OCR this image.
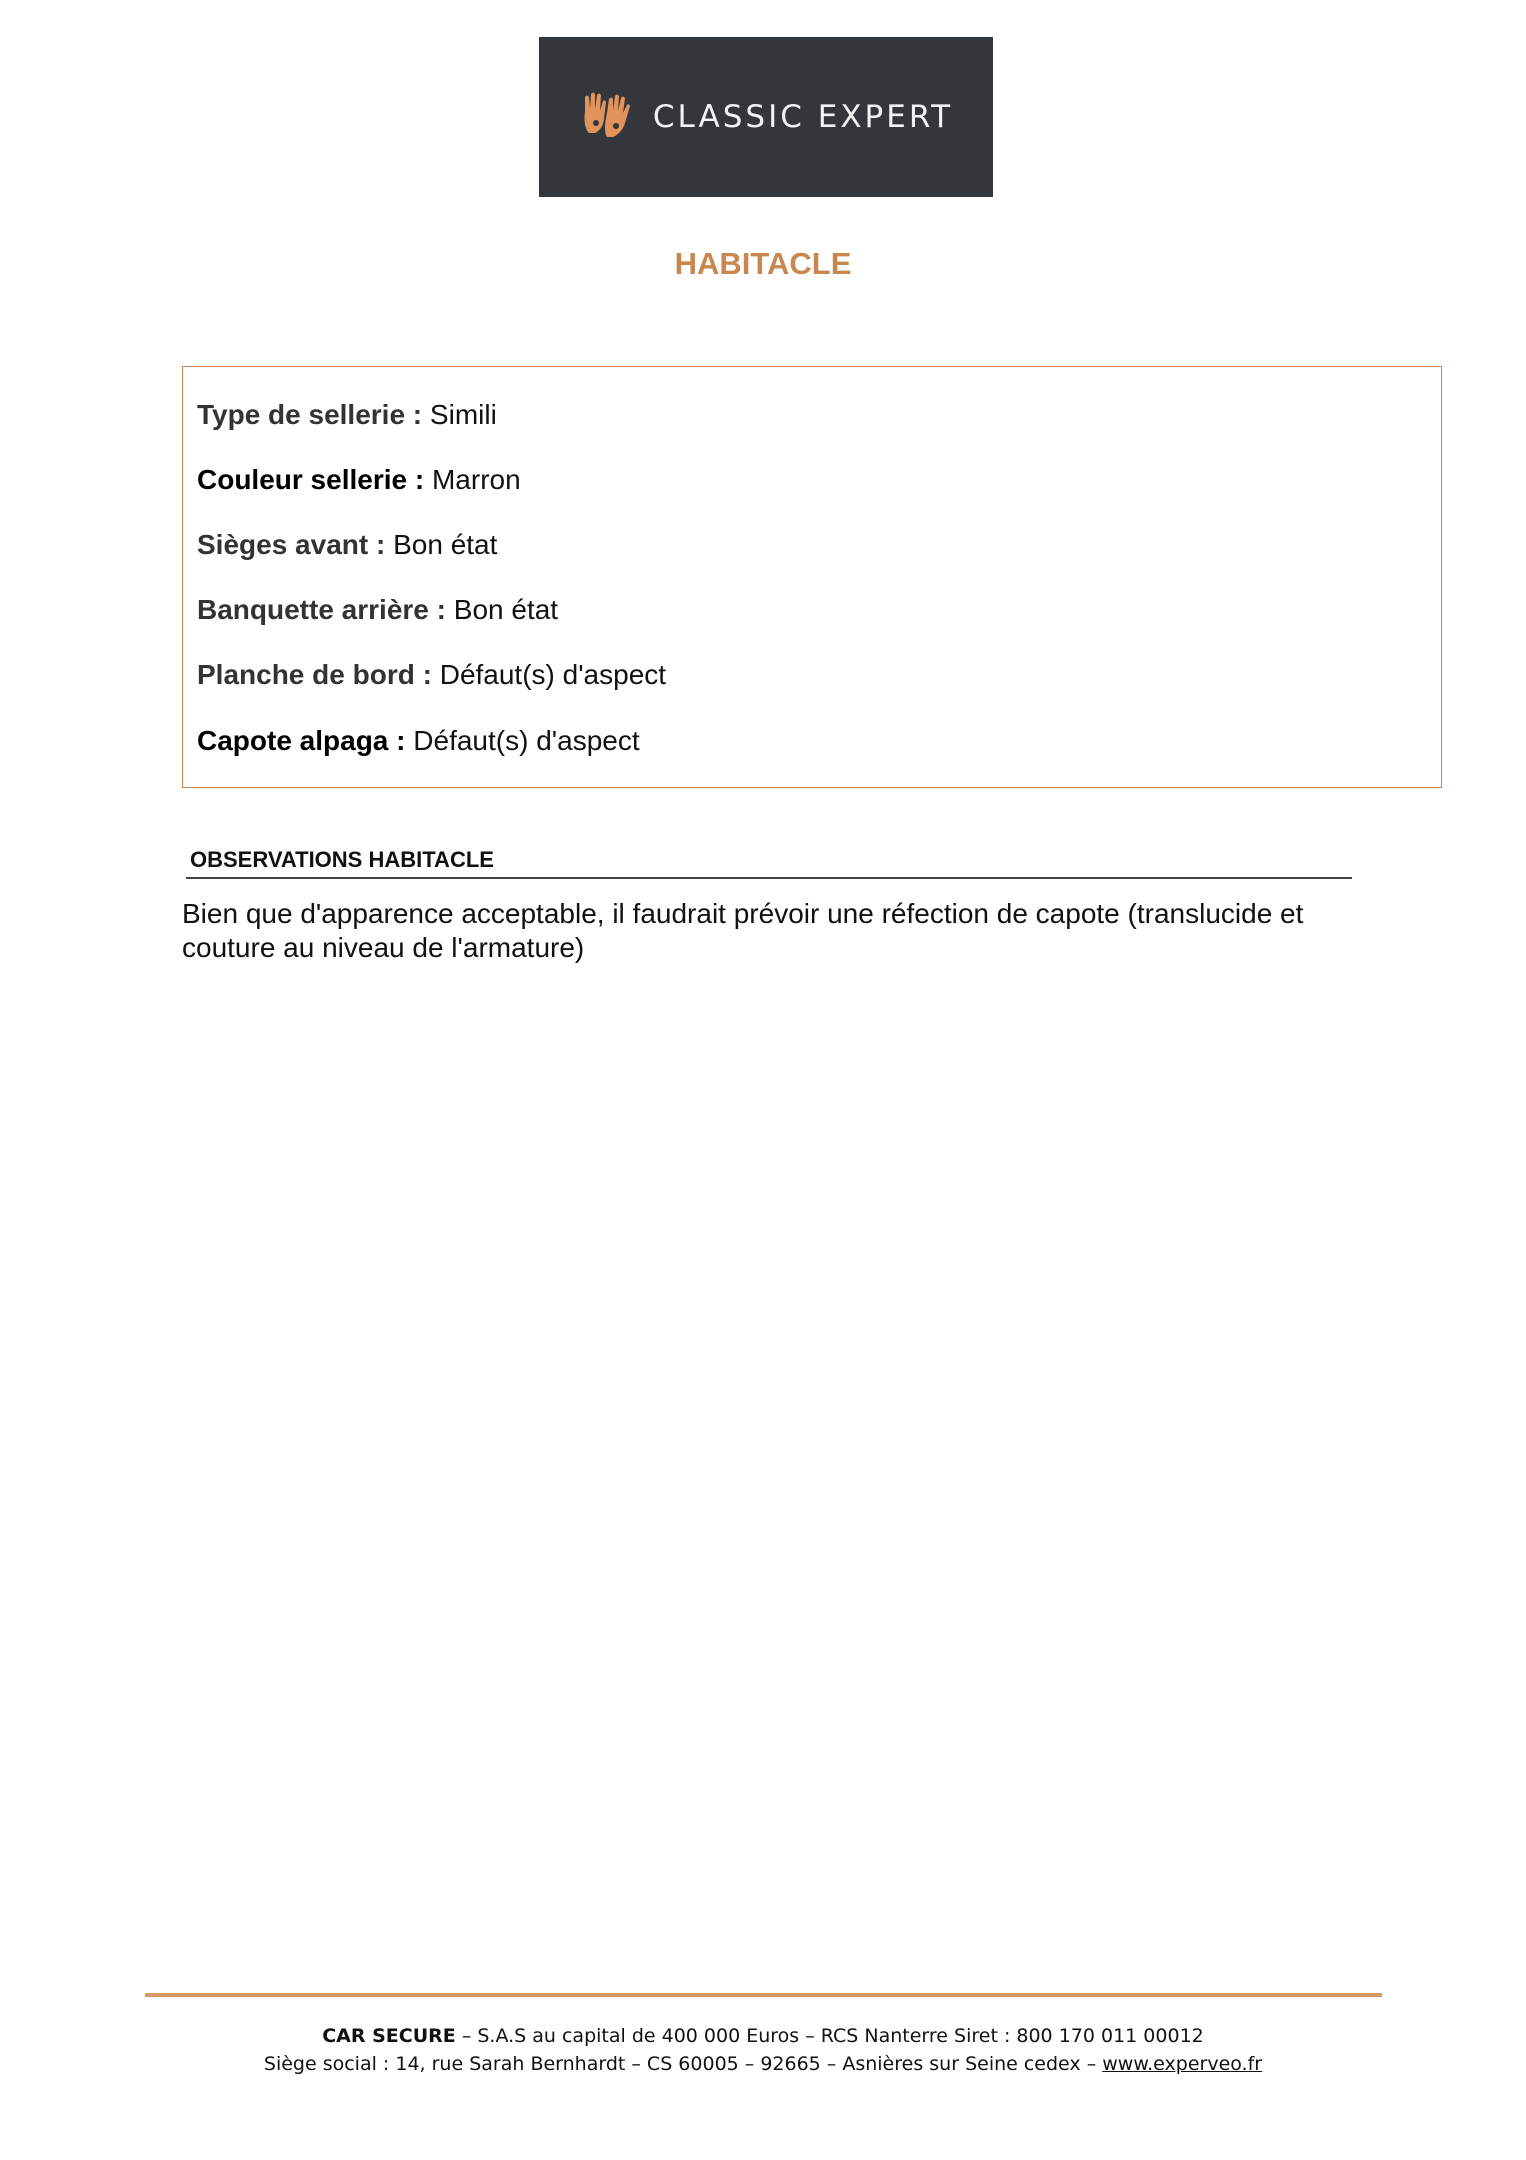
CLASSIC EXPERT
HABITACLE
Type de sellerie : Simili
Couleur sellerie : Marron
Sièges avant : Bon état
Banquette arrière : Bon état
Planche de bord : Défaut(s) d'aspect
Capote alpaga : Défaut(s) d'aspect
OBSERVATIONS HABITACLE
Bien que d'apparence acceptable, il faudrait prévoir une réfection de capote (translucide et
couture au niveau de l'armature)
CAR SECURE – S.A.S au capital de 400 000 Euros – RCS Nanterre Siret : 800 170 011 00012
Siège social : 14, rue Sarah Bernhardt – CS 60005 – 92665 – Asnières sur Seine cedex – www.experveo.fr
